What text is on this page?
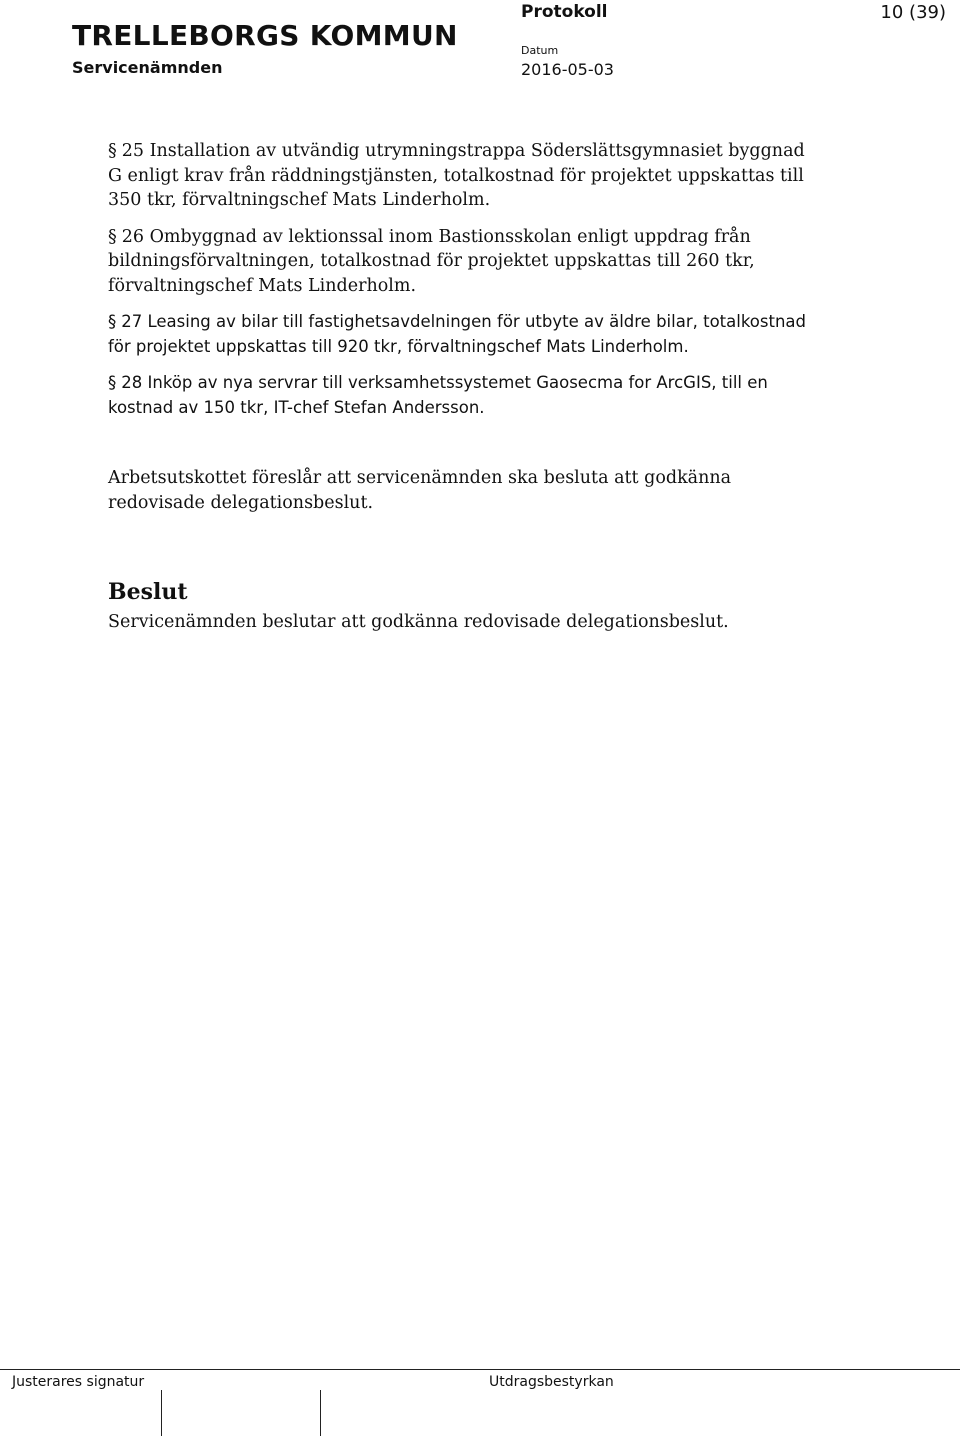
TRELLEBORGS KOMMUN
Servicenämnden
Protokoll
Datum
2016-05-03
10 (39)

§ 25 Installation av utvändig utrymningstrappa Söderslättsgymnasiet byggnad G enligt krav från räddningstjänsten, totalkostnad för projektet uppskattas till 350 tkr, förvaltningschef Mats Linderholm.

§ 26 Ombyggnad av lektionssal inom Bastionsskolan enligt uppdrag från bildningsförvaltningen, totalkostnad för projektet uppskattas till 260 tkr, förvaltningschef Mats Linderholm.

§ 27 Leasing av bilar till fastighetsavdelningen för utbyte av äldre bilar, totalkostnad för projektet uppskattas till 920 tkr, förvaltningschef Mats Linderholm.

§ 28 Inköp av nya servrar till verksamhetssystemet Gaosecma for ArcGIS, till en kostnad av 150 tkr, IT-chef Stefan Andersson.

Arbetsutskottet föreslår att servicenämnden ska besluta att godkänna redovisade delegationsbeslut.

Beslut

Servicenämnden beslutar att godkänna redovisade delegationsbeslut.

Justerares signatur	Utdragsbestyrkan
